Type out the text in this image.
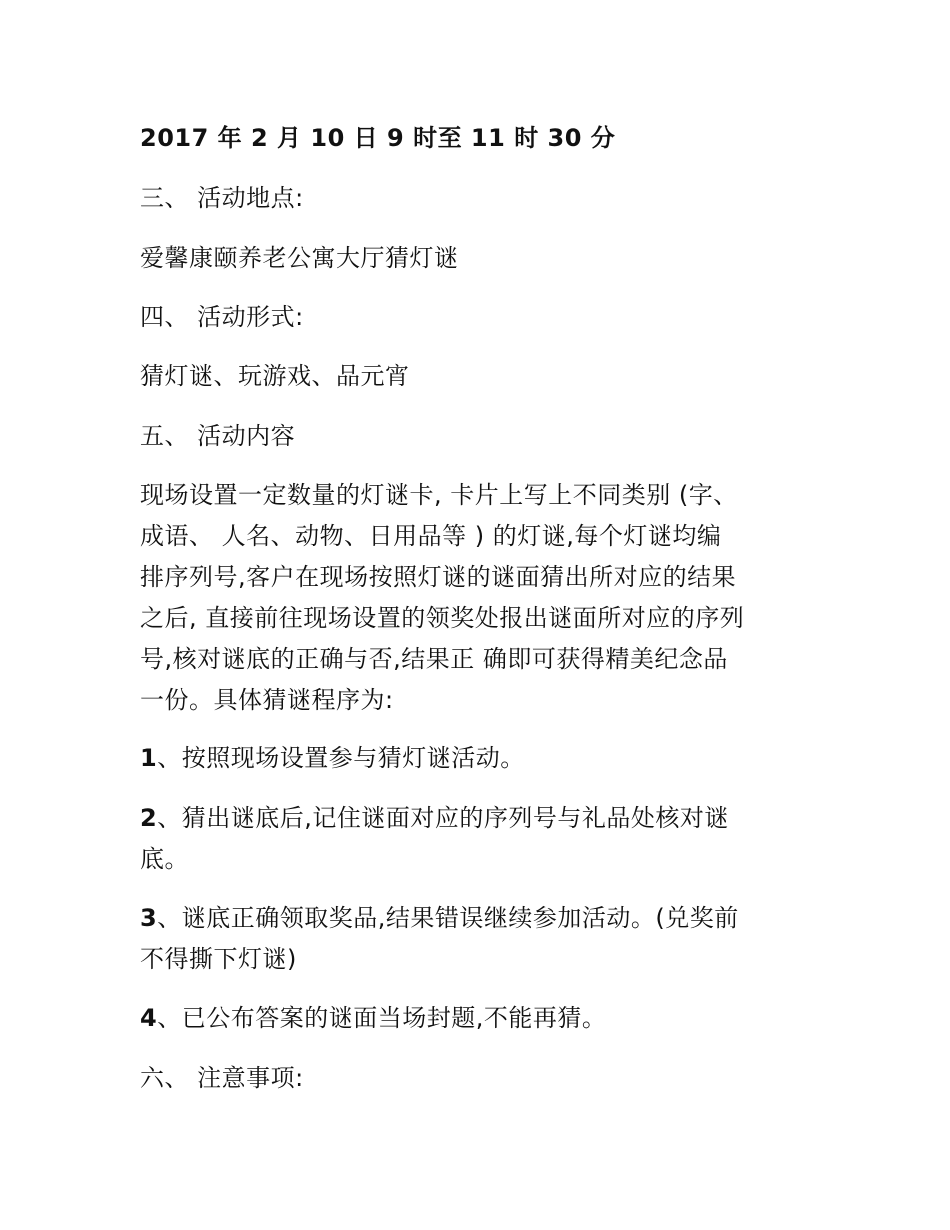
2017 年 2 月 10 日 9 时至 11 时 30 分
三、 活动地点:
爱馨康颐养老公寓大厅猜灯谜
四、 活动形式:
猜灯谜、玩游戏、品元宵
五、 活动内容
现场设置一定数量的灯谜卡, 卡片上写上不同类别 (字、
成语、 人名、动物、日用品等 ) 的灯谜,每个灯谜均编
排序列号,客户在现场按照灯谜的谜面猜出所对应的结果
之后, 直接前往现场设置的领奖处报出谜面所对应的序列
号,核对谜底的正确与否,结果正 确即可获得精美纪念品
一份。具体猜谜程序为:
1、按照现场设置参与猜灯谜活动。
2、猜出谜底后,记住谜面对应的序列号与礼品处核对谜
底。
3、谜底正确领取奖品,结果错误继续参加活动。(兑奖前
不得撕下灯谜)
4、已公布答案的谜面当场封题,不能再猜。
六、 注意事项:
